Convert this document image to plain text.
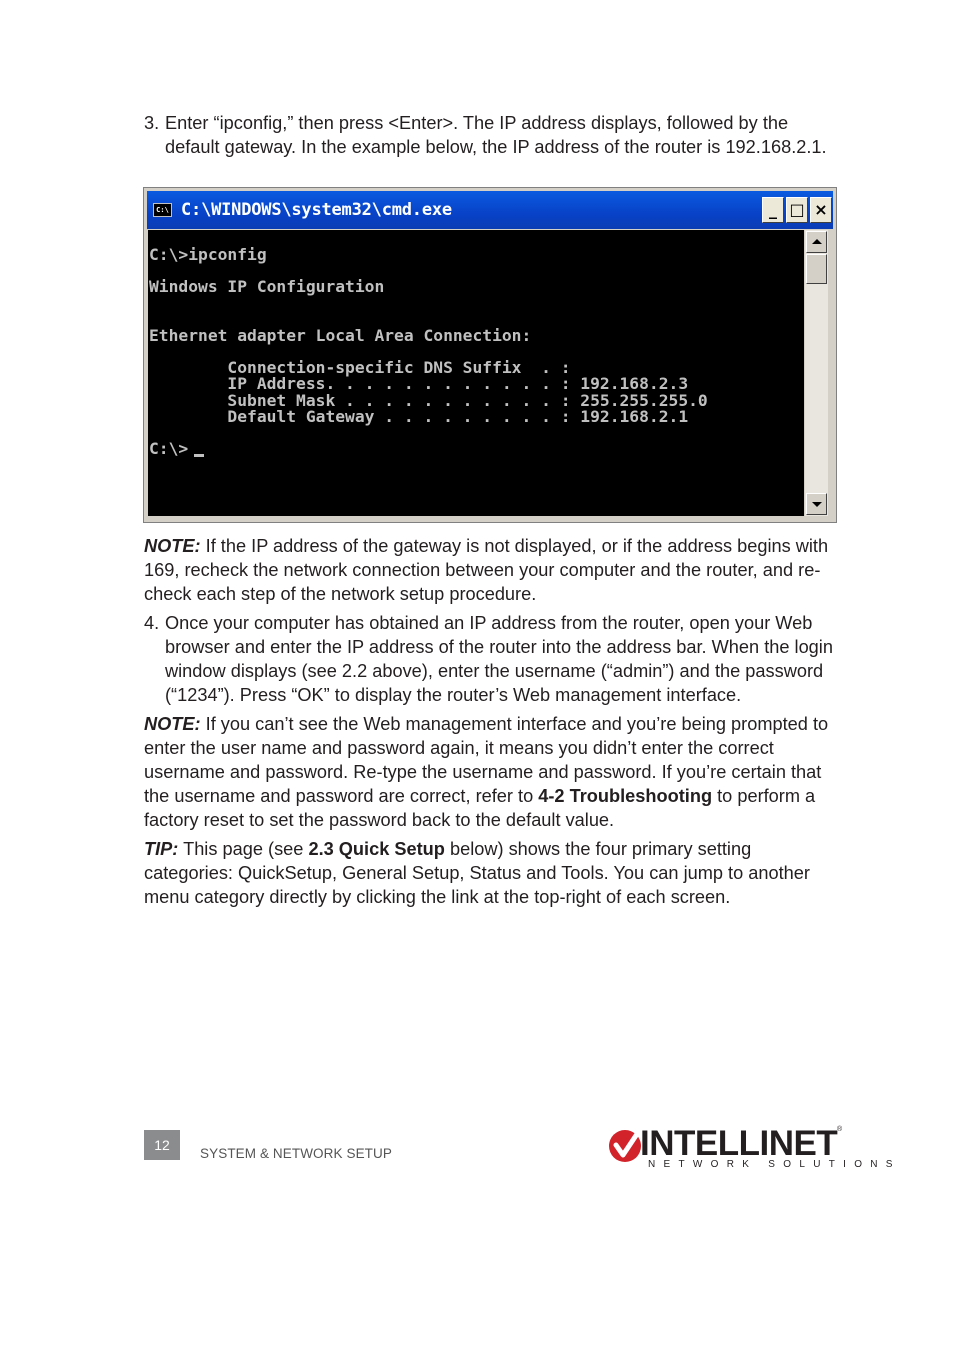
3. Enter “ipconfig,” then press <Enter>. The IP address displays, followed by the default gateway. In the example below, the IP address of the router is 192.168.2.1.
C:\ C:\WINDOWS\system32\cmd.exe	_ □ ×
C:\>ipconfig
Windows IP Configuration
Ethernet adapter Local Area Connection:
Connection-specific DNS Suffix  . :
IP Address. . . . . . . . . . . . : 192.168.2.3
Subnet Mask . . . . . . . . . . . : 255.255.255.0
Default Gateway . . . . . . . . . : 192.168.2.1
C:\>
NOTE: If the IP address of the gateway is not displayed, or if the address begins with 169, recheck the network connection between your computer and the router, and re-check each step of the network setup procedure.
4. Once your computer has obtained an IP address from the router, open your Web browser and enter the IP address of the router into the address bar. When the login window displays (see 2.2 above), enter the username (“admin”) and the password (“1234”). Press “OK” to display the router’s Web management interface.
NOTE: If you can’t see the Web management interface and you’re being prompted to enter the user name and password again, it means you didn’t enter the correct username and password. Re-type the username and password. If you’re certain that the username and password are correct, refer to 4-2 Troubleshooting to perform a factory reset to set the password back to the default value.
TIP: This page (see 2.3 Quick Setup below) shows the four primary setting categories: QuickSetup, General Setup, Status and Tools. You can jump to another menu category directly by clicking the link at the top-right of each screen.
12
SYSTEM & NETWORK SETUP	INTELLINET
NETWORK SOLUTIONS
®
